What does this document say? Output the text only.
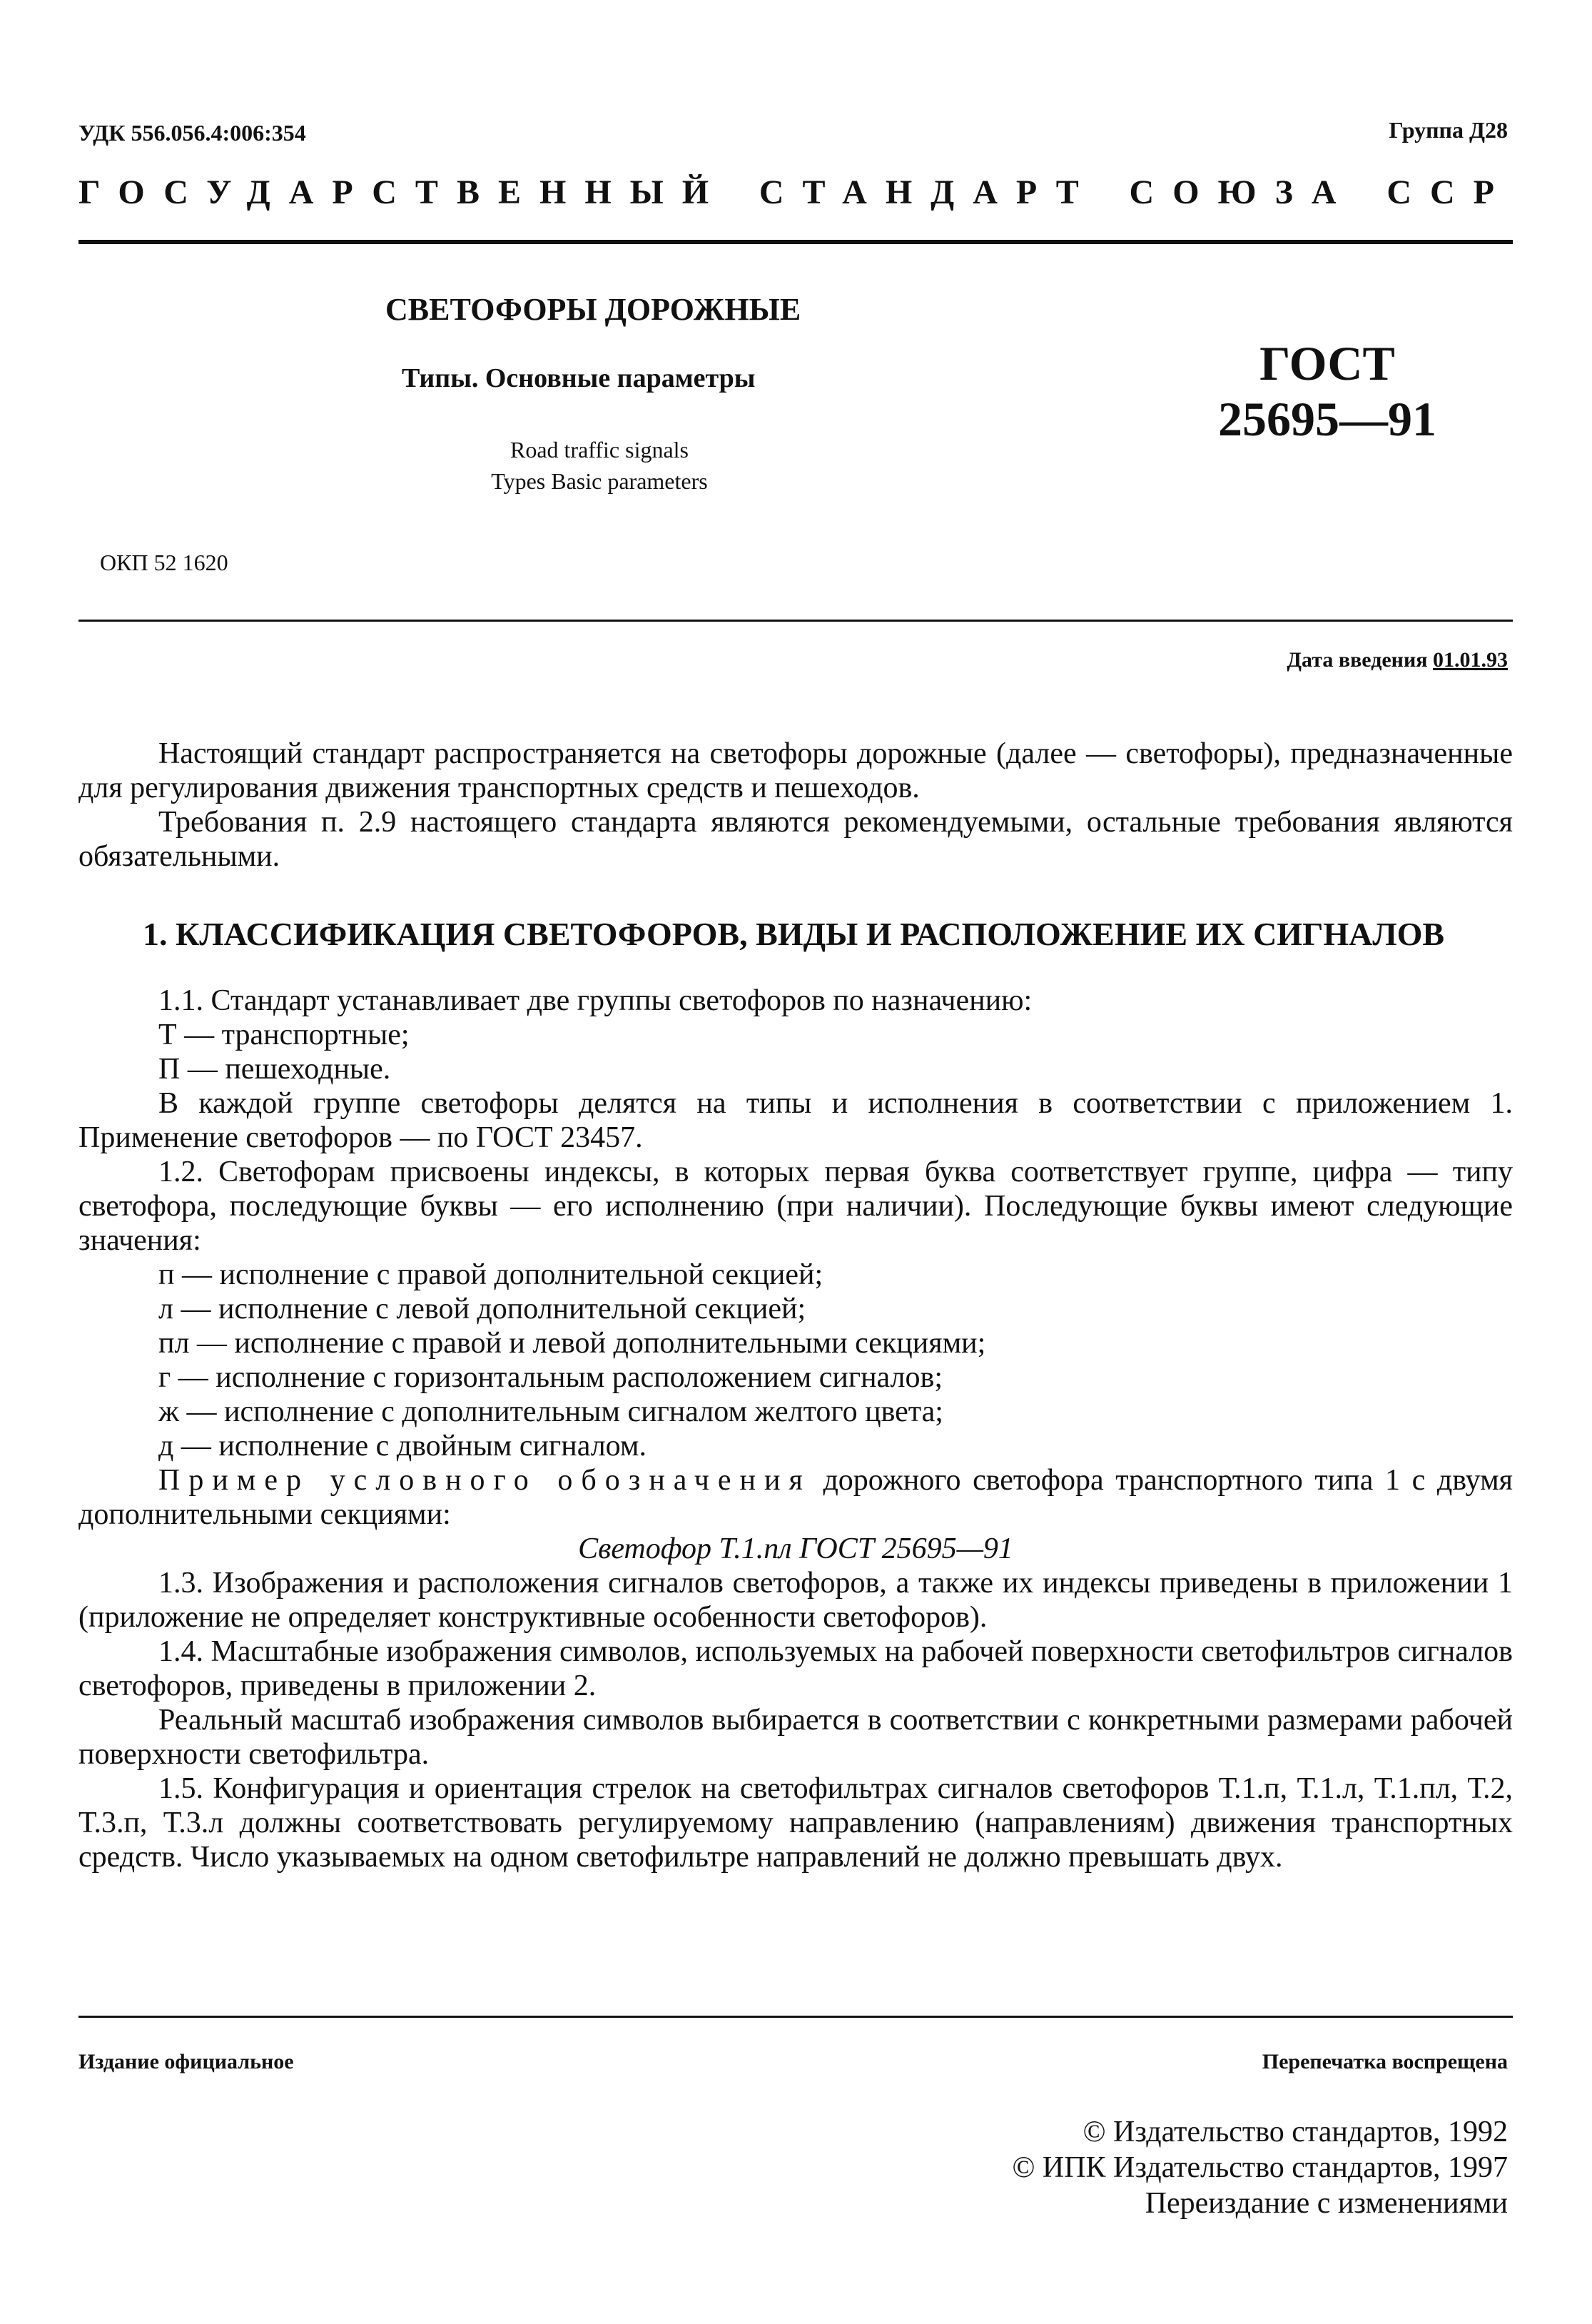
УДК 556.056.4:006:354	Группа Д28
ГОСУДАРСТВЕННЫЙ СТАНДАРТ СОЮЗА ССР
СВЕТОФОРЫ ДОРОЖНЫЕ
Типы. Основные параметры
Road traffic signals
Types Basic parameters
ГОСТ
25695—91
ОКП 52 1620
Дата введения 01.01.93

Настоящий стандарт распространяется на светофоры дорожные (далее — светофоры), предназначенные для регулирования движения транспортных средств и пешеходов.

Требования п. 2.9 настоящего стандарта являются рекомендуемыми, остальные требования являются обязательными.

1. КЛАССИФИКАЦИЯ СВЕТОФОРОВ, ВИДЫ И РАСПОЛОЖЕНИЕ ИХ СИГНАЛОВ

1.1. Стандарт устанавливает две группы светофоров по назначению:

Т — транспортные;

П — пешеходные.

В каждой группе светофоры делятся на типы и исполнения в соответствии с приложением 1. Применение светофоров — по ГОСТ 23457.

1.2. Светофорам присвоены индексы, в которых первая буква соответствует группе, цифра — типу светофора, последующие буквы — его исполнению (при наличии). Последующие буквы имеют следующие значения:

п — исполнение с правой дополнительной секцией;

л — исполнение с левой дополнительной секцией;

пл — исполнение с правой и левой дополнительными секциями;

г — исполнение с горизонтальным расположением сигналов;

ж — исполнение с дополнительным сигналом желтого цвета;

д — исполнение с двойным сигналом.

Пример условного обозначения дорожного светофора транспортного типа 1 с двумя дополнительными секциями:

Светофор Т.1.пл ГОСТ 25695—91

1.3. Изображения и расположения сигналов светофоров, а также их индексы приведены в приложении 1 (приложение не определяет конструктивные особенности светофоров).

1.4. Масштабные изображения символов, используемых на рабочей поверхности светофильтров сигналов светофоров, приведены в приложении 2.

Реальный масштаб изображения символов выбирается в соответствии с конкретными размерами рабочей поверхности светофильтра.

1.5. Конфигурация и ориентация стрелок на светофильтрах сигналов светофоров Т.1.п, Т.1.л, Т.1.пл, Т.2, Т.3.п, Т.3.л должны соответствовать регулируемому направлению (направлениям) движения транспортных средств. Число указываемых на одном светофильтре направлений не должно превышать двух.

Издание официальное	Перепечатка воспрещена
© Издательство стандартов, 1992
© ИПК Издательство стандартов, 1997
Переиздание с изменениями
